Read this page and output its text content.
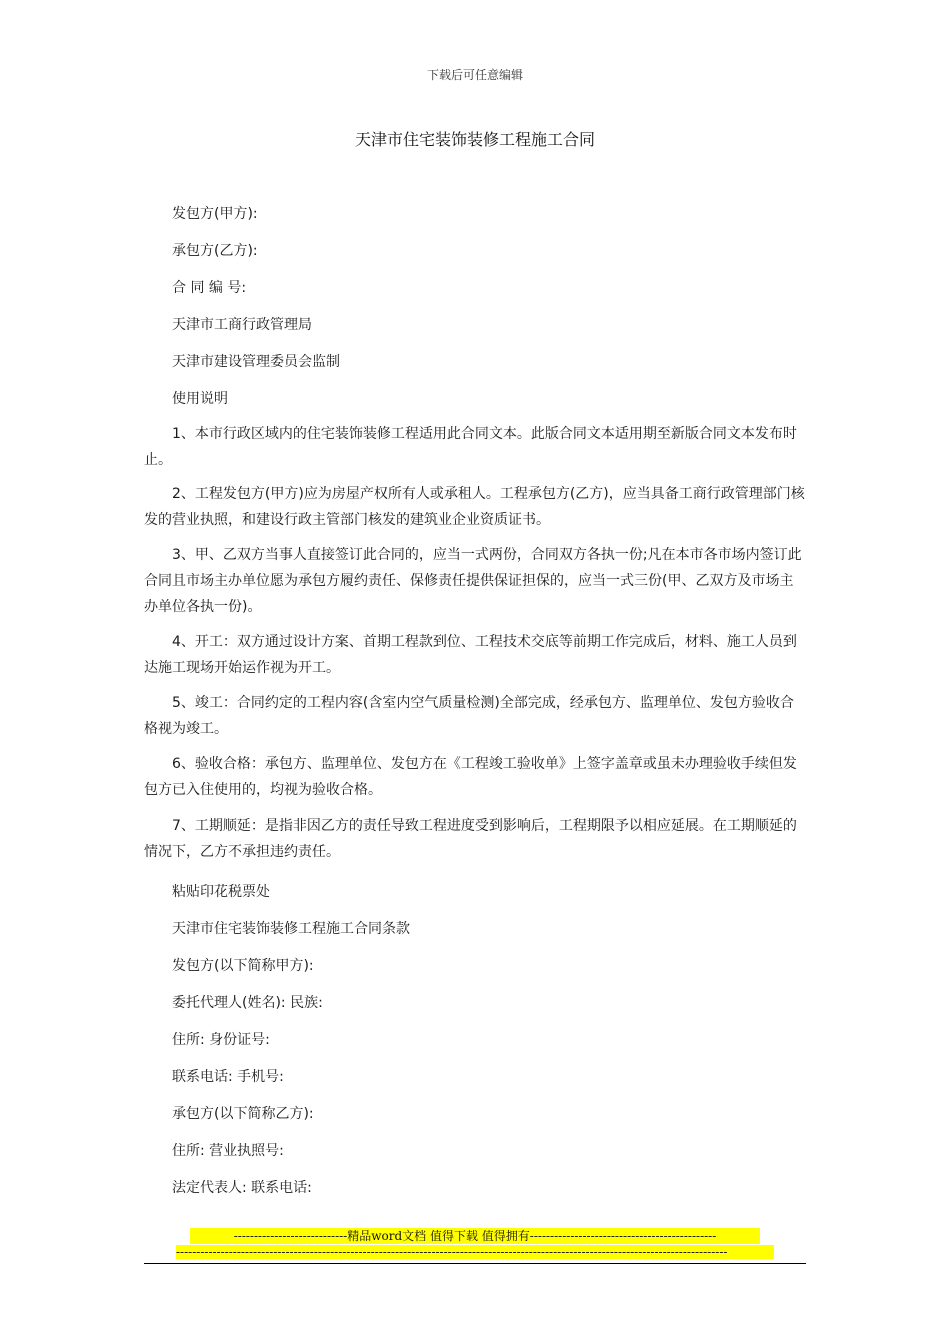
下载后可任意编辑
天津市住宅装饰装修工程施工合同
发包方(甲方):
承包方(乙方):
合 同 编 号:
天津市工商行政管理局
天津市建设管理委员会监制
使用说明

1、本市行政区域内的住宅装饰装修工程适用此合同文本。此版合同文本适用期至新版合同文本发布时止。

2、工程发包方(甲方)应为房屋产权所有人或承租人。工程承包方(乙方)，应当具备工商行政管理部门核发的营业执照，和建设行政主管部门核发的建筑业企业资质证书。

3、甲、乙双方当事人直接签订此合同的，应当一式两份，合同双方各执一份;凡在本市各市场内签订此合同且市场主办单位愿为承包方履约责任、保修责任提供保证担保的，应当一式三份(甲、乙双方及市场主办单位各执一份)。

4、开工：双方通过设计方案、首期工程款到位、工程技术交底等前期工作完成后，材料、施工人员到达施工现场开始运作视为开工。

5、竣工：合同约定的工程内容(含室内空气质量检测)全部完成，经承包方、监理单位、发包方验收合格视为竣工。

6、验收合格：承包方、监理单位、发包方在《工程竣工验收单》上签字盖章或虽未办理验收手续但发包方已入住使用的，均视为验收合格。

7、工期顺延：是指非因乙方的责任导致工程进度受到影响后，工程期限予以相应延展。在工期顺延的情况下，乙方不承担违约责任。

粘贴印花税票处
天津市住宅装饰装修工程施工合同条款
发包方(以下简称甲方):
委托代理人(姓名): 民族:
住所: 身份证号:
联系电话: 手机号:
承包方(以下简称乙方):
住所: 营业执照号:
法定代表人: 联系电话:
----------------------------精品word文档 值得下载 值得拥有----------------------------------------------
----------------------------------------------------------------------------------------------------------------------------------------
